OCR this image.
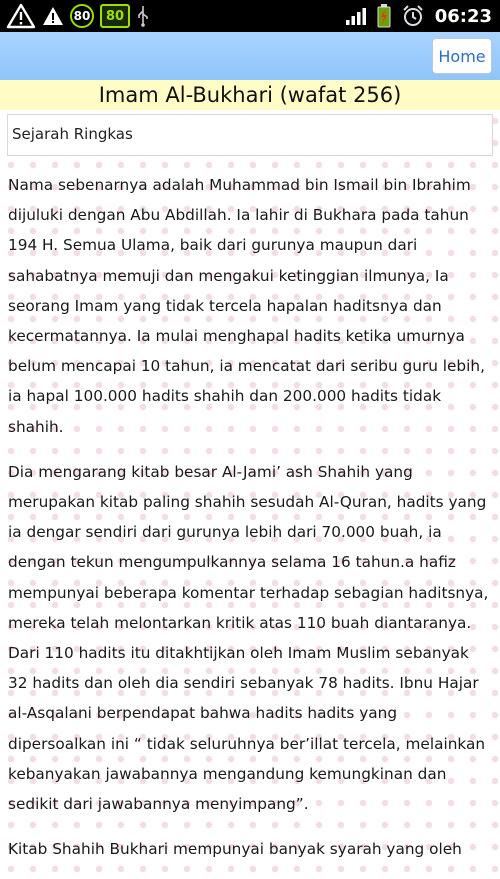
80	80	06:23
Home
Imam Al-Bukhari (wafat 256)
Sejarah Ringkas

Nama sebenarnya adalah Muhammad bin Ismail bin Ibrahim dijuluki dengan Abu Abdillah. Ia lahir di Bukhara pada tahun 194 H. Semua Ulama, baik dari gurunya maupun dari sahabatnya memuji dan mengakui ketinggian ilmunya, Ia seorang Imam yang tidak tercela hapalan haditsnya dan kecermatannya. Ia mulai menghapal hadits ketika umurnya belum mencapai 10 tahun, ia mencatat dari seribu guru lebih, ia hapal 100.000 hadits shahih dan 200.000 hadits tidak shahih.

Dia mengarang kitab besar Al-Jami’ ash Shahih yang merupakan kitab paling shahih sesudah Al-Quran, hadits yang ia dengar sendiri dari gurunya lebih dari 70.000 buah, ia dengan tekun mengumpulkannya selama 16 tahun.a hafiz mempunyai beberapa komentar terhadap sebagian haditsnya, mereka telah melontarkan kritik atas 110 buah diantaranya. Dari 110 hadits itu ditakhtijkan oleh Imam Muslim sebanyak 32 hadits dan oleh dia sendiri sebanyak 78 hadits. Ibnu Hajar al-Asqalani berpendapat bahwa hadits hadits yang dipersoalkan ini “ tidak seluruhnya ber’illat tercela, melainkan kebanyakan jawabannya mengandung kemungkinan dan sedikit dari jawabannya menyimpang”.

Kitab Shahih Bukhari mempunyai banyak syarah yang oleh
